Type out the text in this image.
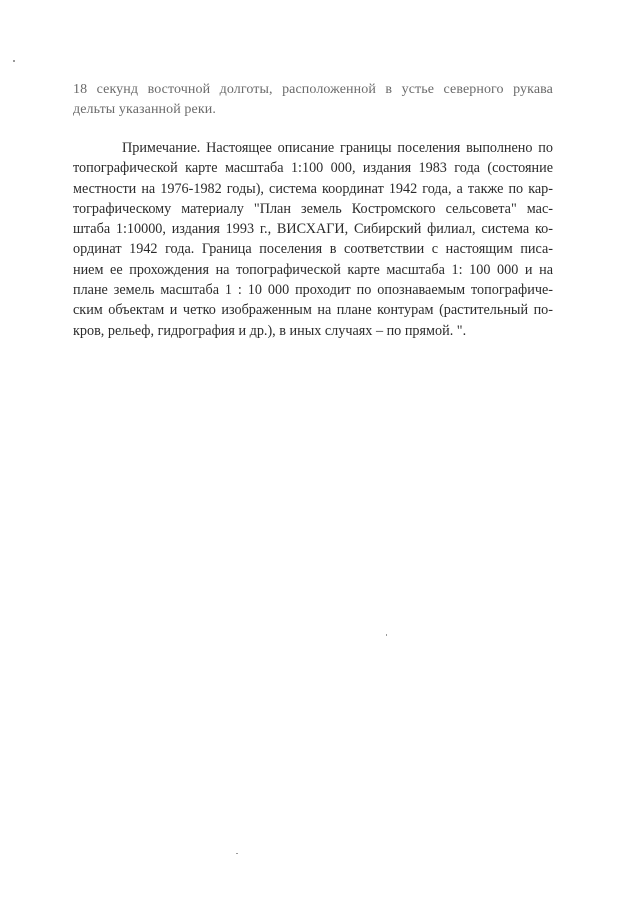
18 секунд восточной долготы, расположенной в устье северного рукава
дельты указанной реки.
Примечание. Настоящее описание границы поселения выполнено по
топографической карте масштаба 1:100 000, издания 1983 года (состояние
местности на 1976-1982 годы), система координат 1942 года, а также по кар-
тографическому материалу "План земель Костромского сельсовета" мас-
штаба 1:10000, издания 1993 г., ВИСХАГИ, Сибирский филиал, система ко-
ординат 1942 года. Граница поселения в соответствии с настоящим писа-
нием ее прохождения на топографической карте масштаба 1: 100 000 и на
плане земель масштаба 1 : 10 000 проходит по опознаваемым топографиче-
ским объектам и четко изображенным на плане контурам (растительный по-
кров, рельеф, гидрография и др.), в иных случаях – по прямой. ".
